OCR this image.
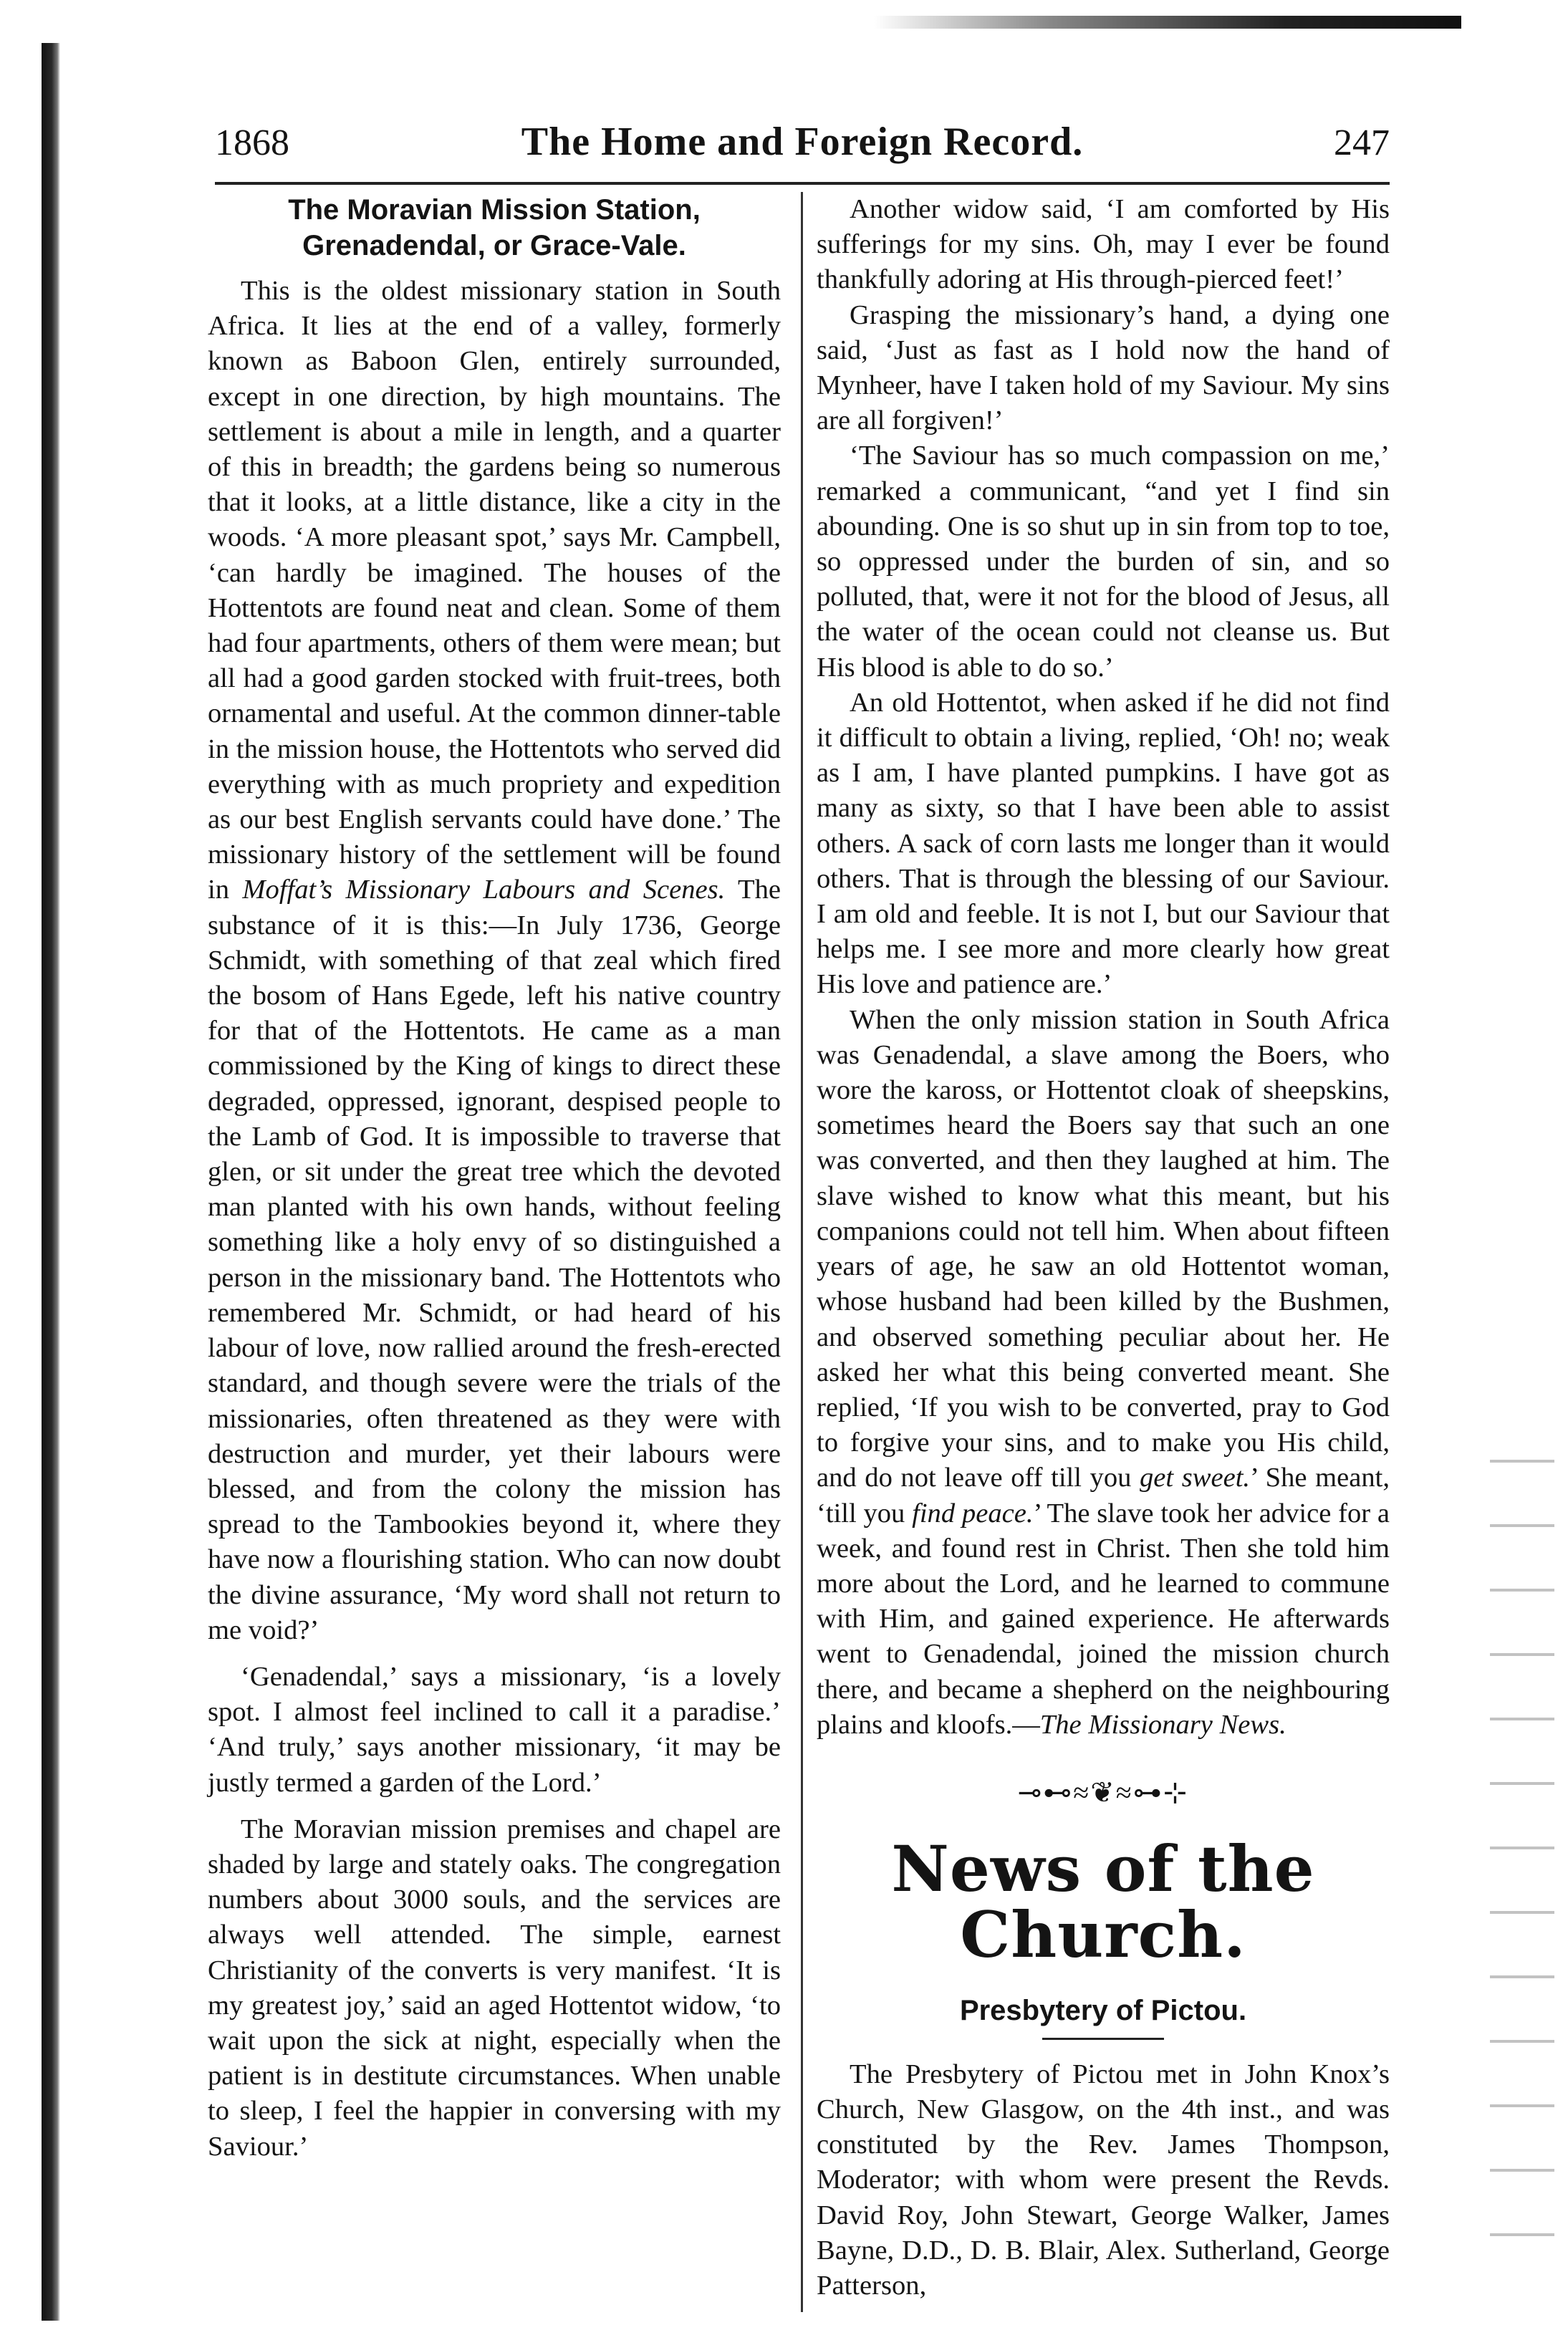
1868	The Home and Foreign Record.	247
The Moravian Mission Station,
Grenadendal, or Grace-Vale.

This is the oldest missionary station in South Africa. It lies at the end of a valley, formerly known as Baboon Glen, entirely surrounded, except in one direction, by high mountains. The settlement is about a mile in length, and a quarter of this in breadth; the gardens being so numerous that it looks, at a little distance, like a city in the woods. ‘A more pleasant spot,’ says Mr. Campbell, ‘can hardly be imagined. The houses of the Hottentots are found neat and clean. Some of them had four apartments, others of them were mean; but all had a good garden stocked with fruit-trees, both ornamental and useful. At the common dinner-table in the mission house, the Hottentots who served did everything with as much propriety and expedition as our best English servants could have done.’ The missionary history of the settlement will be found in Moffat’s Missionary Labours and Scenes. The substance of it is this:—In July 1736, George Schmidt, with something of that zeal which fired the bosom of Hans Egede, left his native country for that of the Hottentots. He came as a man commissioned by the King of kings to direct these degraded, oppressed, ignorant, despised people to the Lamb of God. It is impossible to traverse that glen, or sit under the great tree which the devoted man planted with his own hands, without feeling something like a holy envy of so distinguished a person in the missionary band. The Hottentots who remembered Mr. Schmidt, or had heard of his labour of love, now rallied around the fresh-erected standard, and though severe were the trials of the missionaries, often threatened as they were with destruction and murder, yet their labours were blessed, and from the colony the mission has spread to the Tambookies beyond it, where they have now a flourishing station. Who can now doubt the divine assurance, ‘My word shall not return to me void?’

‘Genadendal,’ says a missionary, ‘is a lovely spot. I almost feel inclined to call it a paradise.’ ‘And truly,’ says another missionary, ‘it may be justly termed a garden of the Lord.’

The Moravian mission premises and chapel are shaded by large and stately oaks. The congregation numbers about 3000 souls, and the services are always well attended. The simple, earnest Christianity of the converts is very manifest. ‘It is my greatest joy,’ said an aged Hottentot widow, ‘to wait upon the sick at night, especially when the patient is in destitute circumstances. When unable to sleep, I feel the happier in conversing with my Saviour.’

Another widow said, ‘I am comforted by His sufferings for my sins. Oh, may I ever be found thankfully adoring at His through-pierced feet!’

Grasping the missionary’s hand, a dying one said, ‘Just as fast as I hold now the hand of Mynheer, have I taken hold of my Saviour. My sins are all forgiven!’

‘The Saviour has so much compassion on me,’ remarked a communicant, “and yet I find sin abounding. One is so shut up in sin from top to toe, so oppressed under the burden of sin, and so polluted, that, were it not for the blood of Jesus, all the water of the ocean could not cleanse us. But His blood is able to do so.’

An old Hottentot, when asked if he did not find it difficult to obtain a living, replied, ‘Oh! no; weak as I am, I have planted pumpkins. I have got as many as sixty, so that I have been able to assist others. A sack of corn lasts me longer than it would others. That is through the blessing of our Saviour. I am old and feeble. It is not I, but our Saviour that helps me. I see more and more clearly how great His love and patience are.’

When the only mission station in South Africa was Genadendal, a slave among the Boers, who wore the kaross, or Hottentot cloak of sheepskins, sometimes heard the Boers say that such an one was converted, and then they laughed at him. The slave wished to know what this meant, but his companions could not tell him. When about fifteen years of age, he saw an old Hottentot woman, whose husband had been killed by the Bushmen, and observed something peculiar about her. He asked her what this being converted meant. She replied, ‘If you wish to be converted, pray to God to forgive your sins, and to make you His child, and do not leave off till you get sweet.’ She meant, ‘till you find peace.’ The slave took her advice for a week, and found rest in Christ. Then she told him more about the Lord, and he learned to commune with Him, and gained experience. He afterwards went to Genadendal, joined the mission church there, and became a shepherd on the neighbouring plains and kloofs.—The Missionary News.

⊸⊷≈❦≈⊶⊹
News of the Church.
Presbytery of Pictou.

The Presbytery of Pictou met in John Knox’s Church, New Glasgow, on the 4th inst., and was constituted by the Rev. James Thompson, Moderator; with whom were present the Revds. David Roy, John Stewart, George Walker, James Bayne, D.D., D. B. Blair, Alex. Sutherland, George Patterson,
